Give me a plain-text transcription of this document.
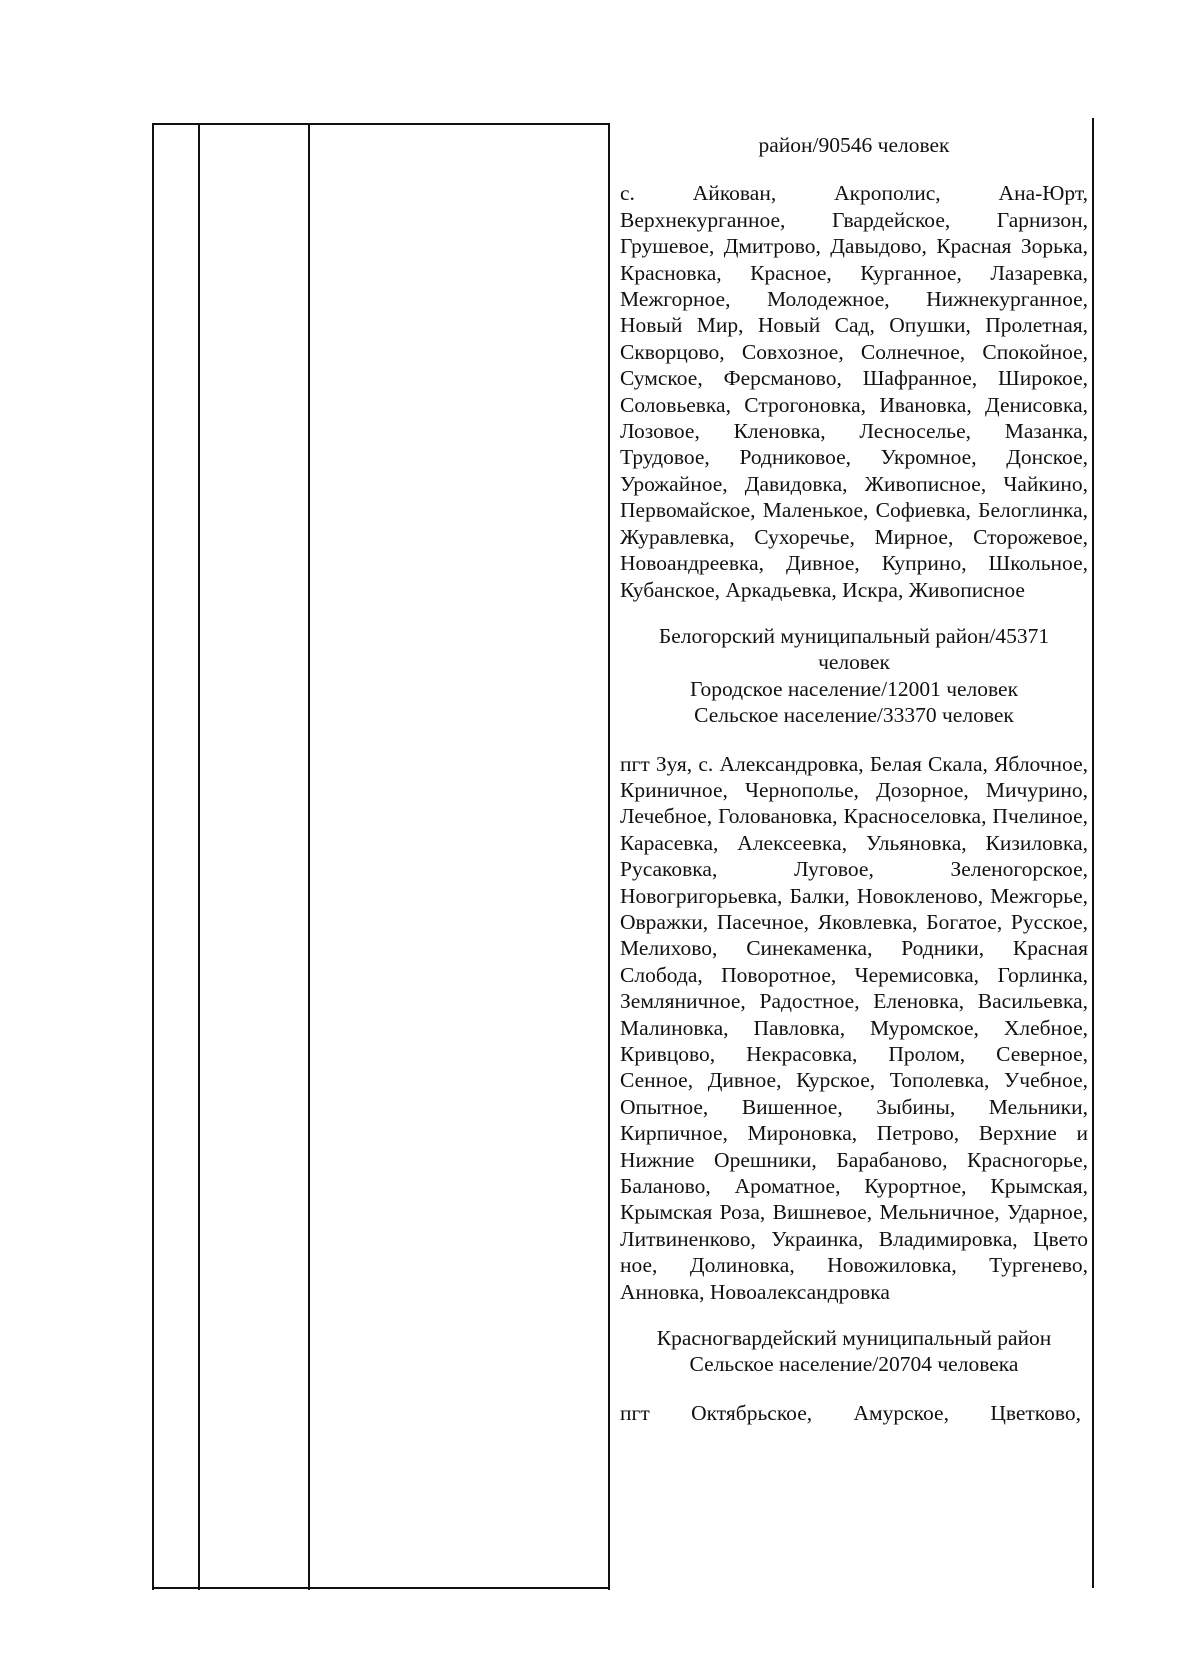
район/90546 человек

с. Айкован, Акрополис, Ана-Юрт, Верхнекурганное, Гвардейское, Гарнизон, Грушевое, Дмитрово, Давыдово, Красная Зорька, Красновка, Красное, Курганное, Лазаревка, Межгорное, Молодежное, Нижнекурганное, Новый Мир, Новый Сад, Опушки, Пролетная, Скворцово, Совхозное, Солнечное, Спокойное, Сумское, Ферсманово, Шафранное, Широкое, Соловьевка, Строгоновка, Ивановка, Денисовка, Лозовое, Кленовка, Лесноселье, Мазанка, Трудовое, Родниковое, Укромное, Донское, Урожайное, Давидовка, Живописное, Чайкино, Первомайское, Маленькое, Софиевка, Белоглинка, Журавлевка, Сухоречье, Мирное, Сторожевое, Новоандреевка, Дивное, Куприно, Школьное, Кубанское, Аркадьевка, Искра, Живописное

Белогорский муниципальный район/45371
человек
Городское население/12001 человек
Сельское население/33370 человек

пгт Зуя, с. Александровка, Белая Скала, Яблочное, Криничное, Чернополье, Дозорное, Мичурино, Лечебное, Головановка, Красноселовка, Пчелиное, Карасевка, Алексеевка, Ульяновка, Кизиловка, Русаковка, Луговое, Зеленогорское, Новогригорьевка, Балки, Новокленово, Межгорье, Овражки, Пасечное, Яковлевка, Богатое, Русское, Мелихово, Синекаменка, Родники, Красная Слобода, Поворотное, Черемисовка, Горлинка, Земляничное, Радостное, Еленовка, Васильевка, Малиновка, Павловка, Муромское, Хлебное, Кривцово, Некрасовка, Пролом, Северное, Сенное, Дивное, Курское, Тополевка, Учебное, Опытное, Вишенное, Зыбины, Мельники, Кирпичное, Мироновка, Петрово, Верхние и Нижние Орешники, Барабаново, Красногорье, Баланово, Ароматное, Курортное, Крымская, Крымская Роза, Вишневое, Мельничное, Ударное, Литвиненково, Украинка, Владимировка, Цвето ное, Долиновка, Новожиловка, Тургенево, Анновка, Новоалександровка

Красногвардейский муниципальный район
Сельское население/20704 человека

пгт Октябрьское, Амурское, Цветково,
